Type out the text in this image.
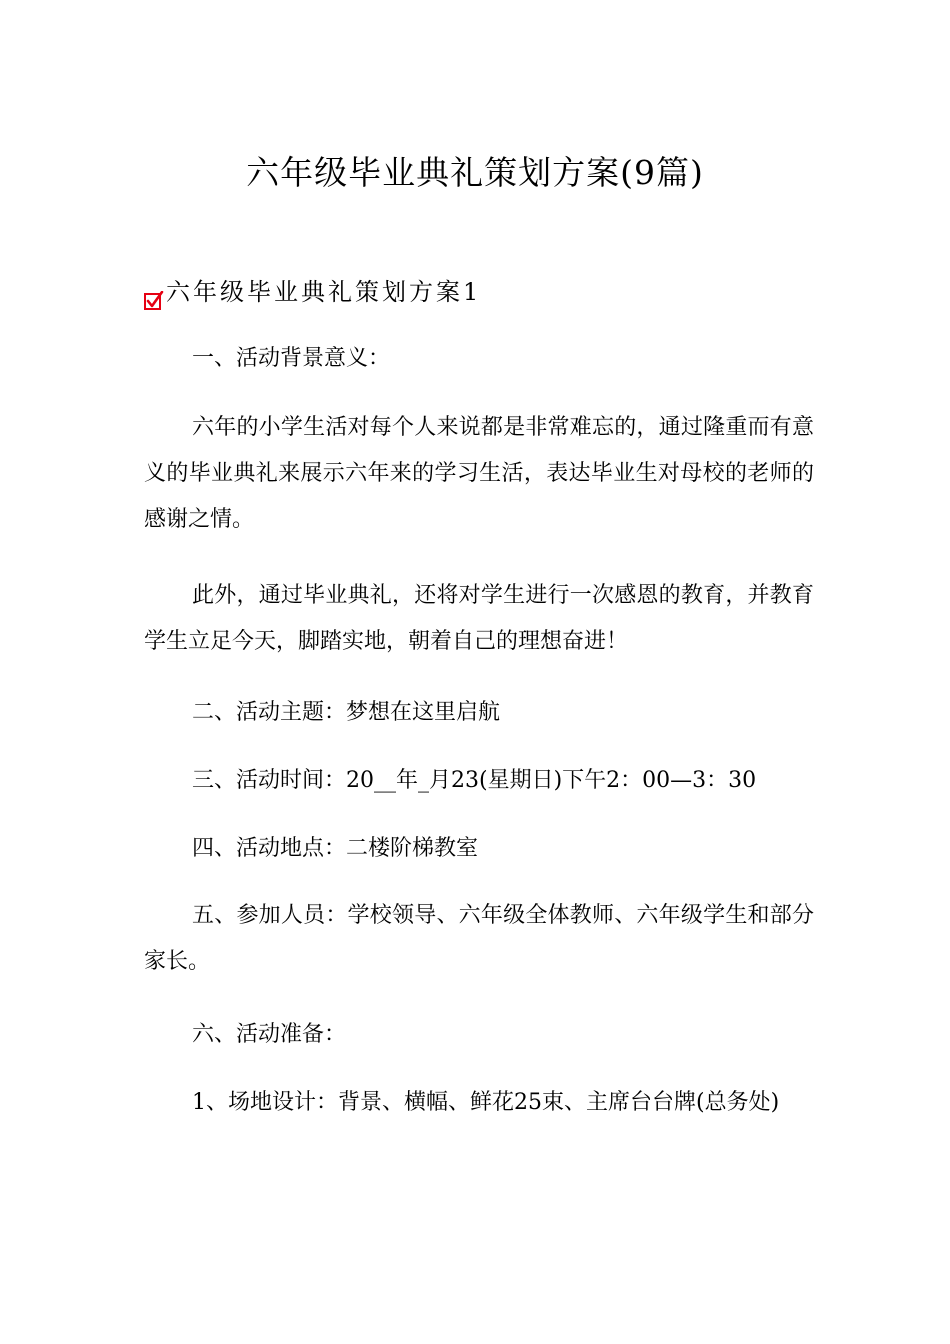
六年级毕业典礼策划方案(9篇)
六年级毕业典礼策划方案1

一、活动背景意义：

六年的小学生活对每个人来说都是非常难忘的，通过隆重而有意义的毕业典礼来展示六年来的学习生活，表达毕业生对母校的老师的感谢之情。

此外，通过毕业典礼，还将对学生进行一次感恩的教育，并教育学生立足今天，脚踏实地，朝着自己的理想奋进！

二、活动主题：梦想在这里启航

三、活动时间：20__年_月23(星期日)下午2：00—3：30

四、活动地点：二楼阶梯教室

五、参加人员：学校领导、六年级全体教师、六年级学生和部分家长。

六、活动准备：

1、场地设计：背景、横幅、鲜花25束、主席台台牌(总务处)
